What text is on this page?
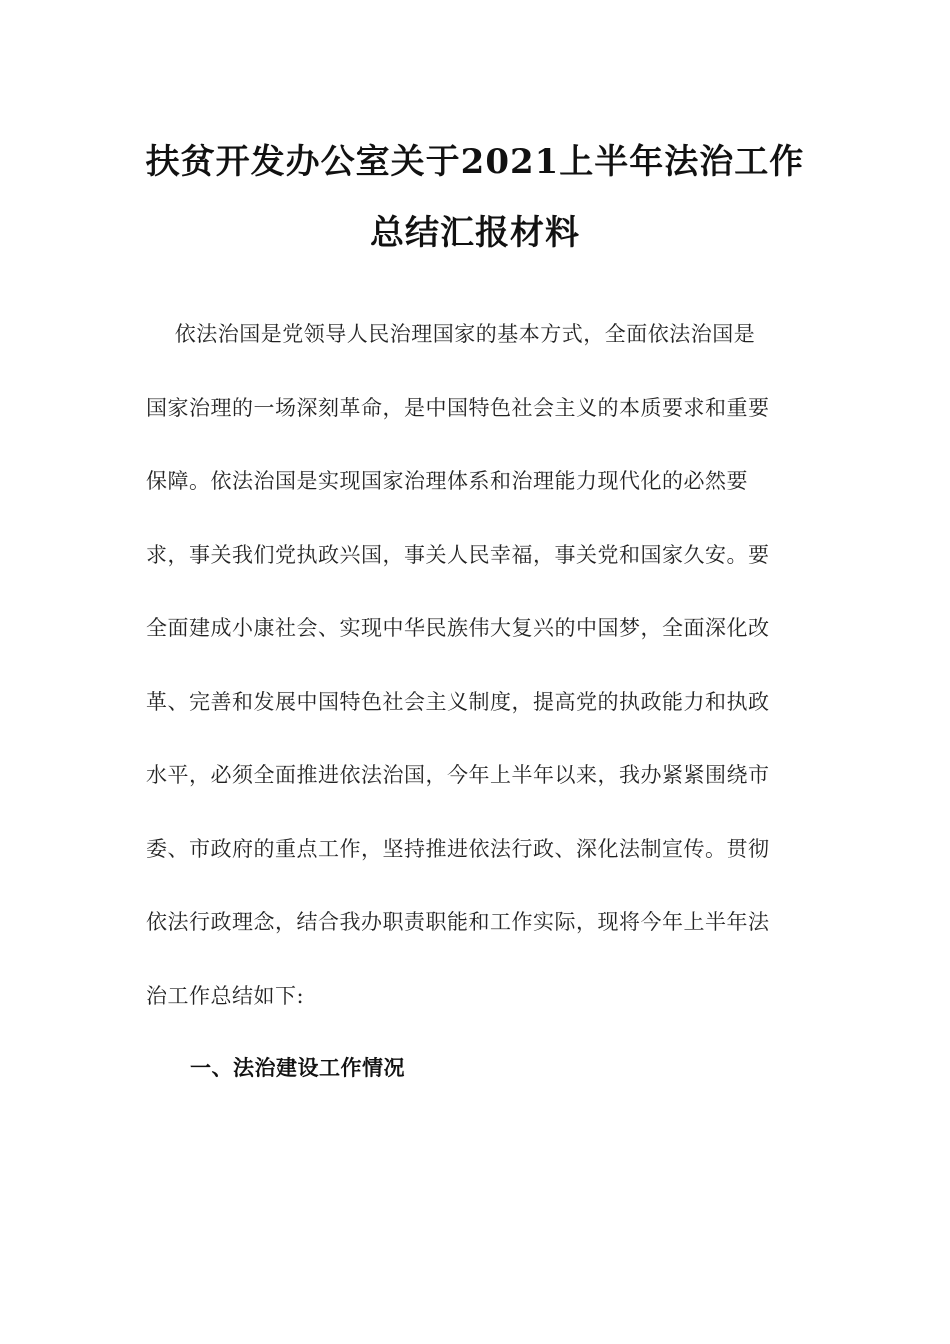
扶贫开发办公室关于2021上半年法治工作
总结汇报材料

依法治国是党领导人民治理国家的基本方式，全面依法治国是
国家治理的一场深刻革命，是中国特色社会主义的本质要求和重要
保障。依法治国是实现国家治理体系和治理能力现代化的必然要
求，事关我们党执政兴国，事关人民幸福，事关党和国家久安。要
全面建成小康社会、实现中华民族伟大复兴的中国梦，全面深化改
革、完善和发展中国特色社会主义制度，提高党的执政能力和执政
水平，必须全面推进依法治国，今年上半年以来，我办紧紧围绕市
委、市政府的重点工作，坚持推进依法行政、深化法制宣传。贯彻
依法行政理念，结合我办职责职能和工作实际，现将今年上半年法
治工作总结如下:

一、法治建设工作情况
